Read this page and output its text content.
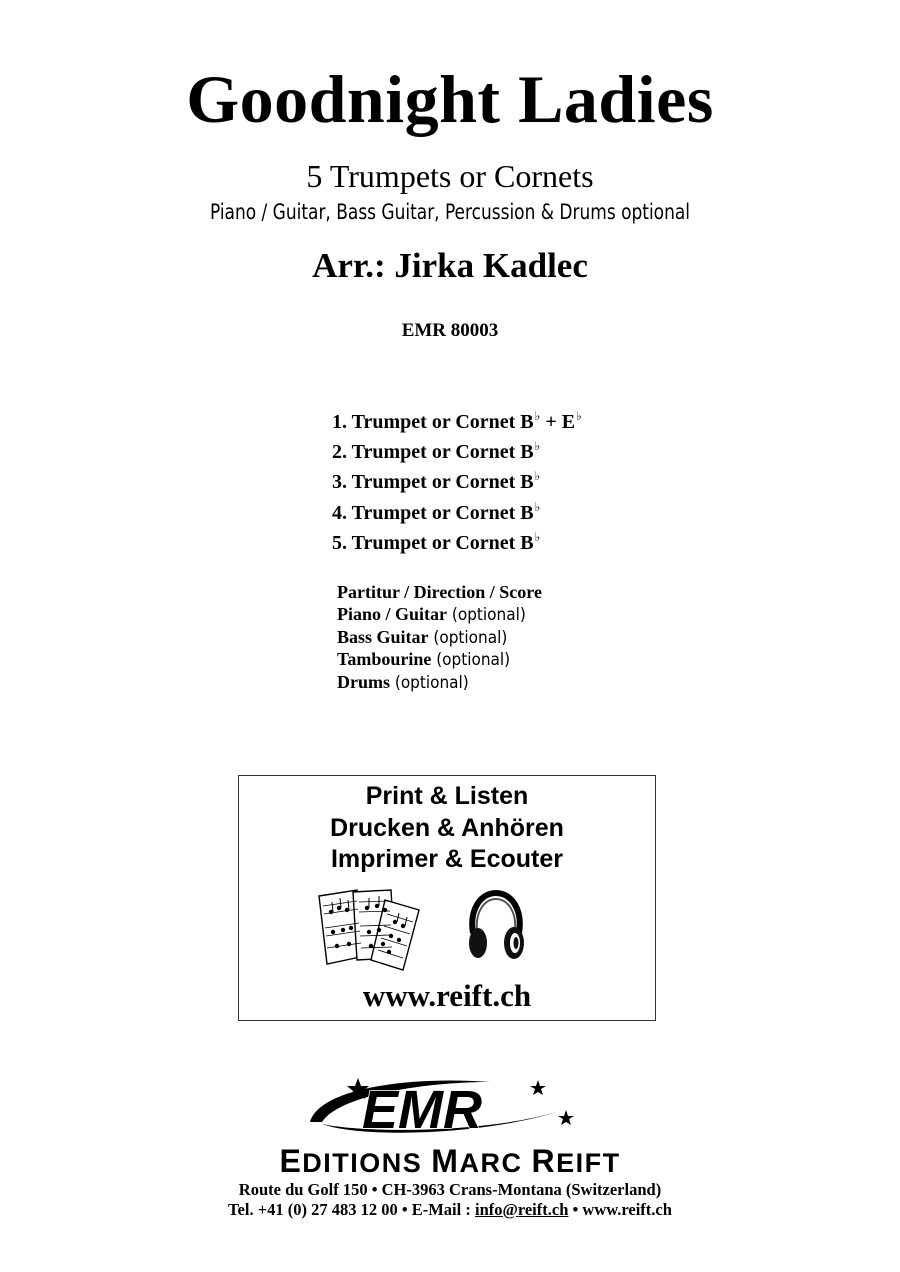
Goodnight Ladies
5 Trumpets or Cornets
Piano / Guitar, Bass Guitar, Percussion & Drums optional
Arr.: Jirka Kadlec
EMR 80003
1. Trumpet or Cornet B♭ + E♭
2. Trumpet or Cornet B♭
3. Trumpet or Cornet B♭
4. Trumpet or Cornet B♭
5. Trumpet or Cornet B♭
Partitur / Direction / Score
Piano / Guitar (optional)
Bass Guitar (optional)
Tambourine (optional)
Drums (optional)
Print & Listen
Drucken & Anhören
Imprimer & Ecouter
www.reift.ch
EMR
EDITIONS MARC REIFT
Route du Golf 150 • CH-3963 Crans-Montana (Switzerland)
Tel. +41 (0) 27 483 12 00 • E-Mail : info@reift.ch • www.reift.ch
